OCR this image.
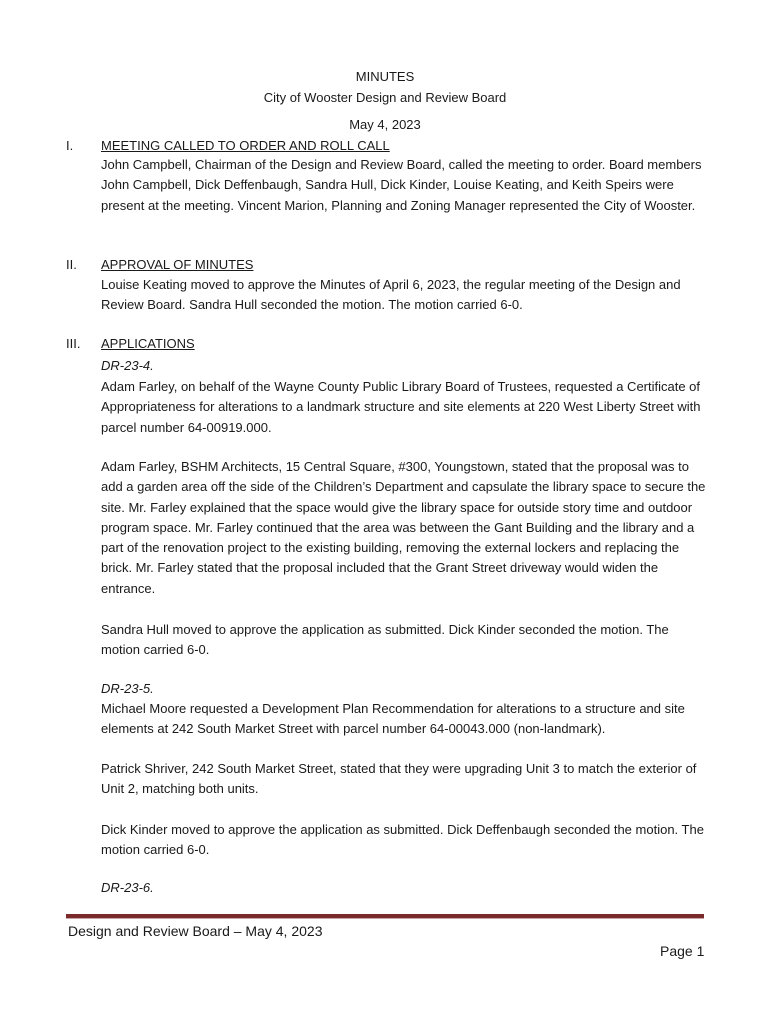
MINUTES
City of Wooster Design and Review Board
May 4, 2023
I. MEETING CALLED TO ORDER AND ROLL CALL
John Campbell, Chairman of the Design and Review Board, called the meeting to order. Board members John Campbell, Dick Deffenbaugh, Sandra Hull, Dick Kinder, Louise Keating, and Keith Speirs were present at the meeting. Vincent Marion, Planning and Zoning Manager represented the City of Wooster.
II. APPROVAL OF MINUTES
Louise Keating moved to approve the Minutes of April 6, 2023, the regular meeting of the Design and Review Board. Sandra Hull seconded the motion. The motion carried 6-0.
III. APPLICATIONS
DR-23-4.
Adam Farley, on behalf of the Wayne County Public Library Board of Trustees, requested a Certificate of Appropriateness for alterations to a landmark structure and site elements at 220 West Liberty Street with parcel number 64-00919.000.
Adam Farley, BSHM Architects, 15 Central Square, #300, Youngstown, stated that the proposal was to add a garden area off the side of the Children’s Department and capsulate the library space to secure the site. Mr. Farley explained that the space would give the library space for outside story time and outdoor program space. Mr. Farley continued that the area was between the Gant Building and the library and a part of the renovation project to the existing building, removing the external lockers and replacing the brick. Mr. Farley stated that the proposal included that the Grant Street driveway would widen the entrance.
Sandra Hull moved to approve the application as submitted. Dick Kinder seconded the motion. The motion carried 6-0.
DR-23-5.
Michael Moore requested a Development Plan Recommendation for alterations to a structure and site elements at 242 South Market Street with parcel number 64-00043.000 (non-landmark).
Patrick Shriver, 242 South Market Street, stated that they were upgrading Unit 3 to match the exterior of Unit 2, matching both units.
Dick Kinder moved to approve the application as submitted. Dick Deffenbaugh seconded the motion. The motion carried 6-0.
DR-23-6.
Design and Review Board – May 4, 2023
Page 1
